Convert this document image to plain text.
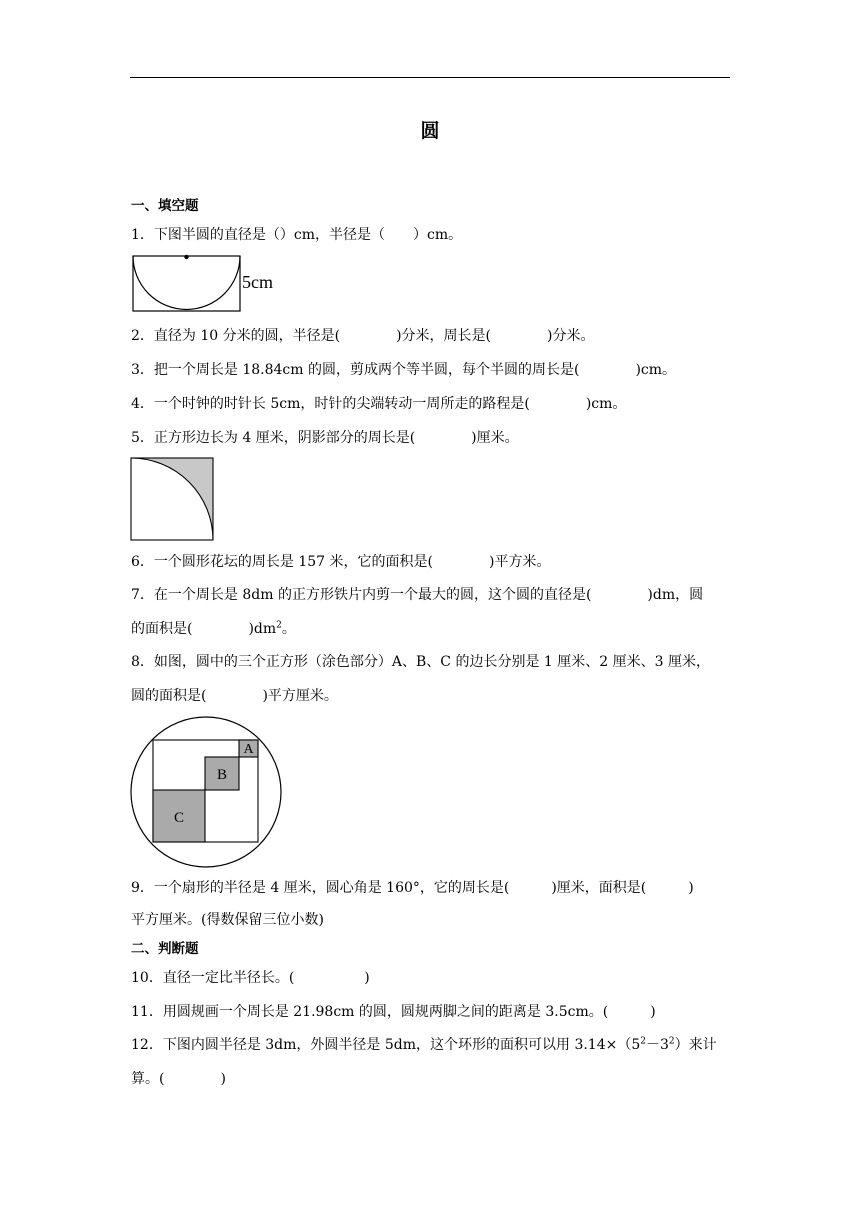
圆
一、填空题
1．下图半圆的直径是（）cm，半径是（　　）cm。
5cm
2．直径为 10 分米的圆，半径是(　　　　)分米，周长是(　　　　)分米。
3．把一个周长是 18.84cm 的圆，剪成两个等半圆，每个半圆的周长是(　　　　)cm。
4．一个时钟的时针长 5cm，时针的尖端转动一周所走的路程是(　　　　)cm。
5．正方形边长为 4 厘米，阴影部分的周长是(　　　　)厘米。
6．一个圆形花坛的周长是 157 米，它的面积是(　　　　)平方米。
7．在一个周长是 8dm 的正方形铁片内剪一个最大的圆，这个圆的直径是(　　　　)dm，圆
的面积是(　　　　)$dm^2$。
8．如图，圆中的三个正方形（涂色部分）A、B、C 的边长分别是 1 厘米、2 厘米、3 厘米，
圆的面积是(　　　　)平方厘米。
A
B
C
9．一个扇形的半径是 4 厘米，圆心角是 160°，它的周长是(　　　)厘米，面积是(　　　)
平方厘米。(得数保留三位小数)
二、判断题
10．直径一定比半径长。(　　　　　)
11．用圆规画一个周长是 21.98cm 的圆，圆规两脚之间的距离是 3.5cm。(　　　)
12．下图内圆半径是 3dm，外圆半径是 5dm，这个环形的面积可以用 $3.14\times(5^2-3^2)$来计
算。(　　　　)
